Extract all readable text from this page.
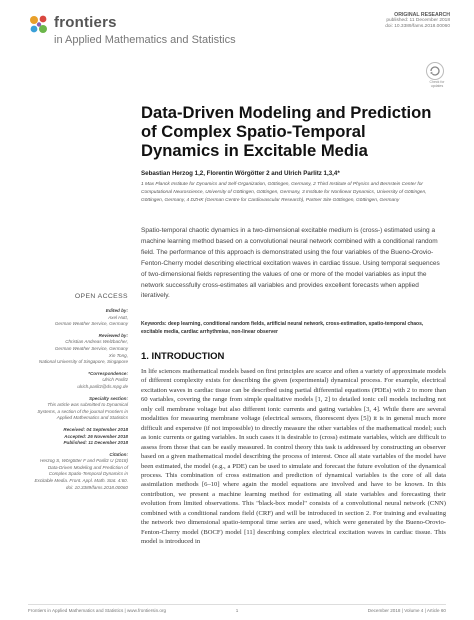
frontiers
in Applied Mathematics and Statistics
ORIGINAL RESEARCH
published: 11 December 2018
doi: 10.3389/fams.2018.00060
Check for updates
Data-Driven Modeling and Prediction of Complex Spatio-Temporal Dynamics in Excitable Media
Sebastian Herzog 1,2, Florentin Wörgötter 2 and Ulrich Parlitz 1,3,4*
1 Max Planck Institute for Dynamics and Self-Organization, Göttingen, Germany, 2 Third Institute of Physics and Bernstein Center for Computational Neuroscience, University of Göttingen, Göttingen, Germany, 3 Institute for Nonlinear Dynamics, University of Göttingen, Göttingen, Germany, 4 DZHK (German Centre for Cardiovascular Research), Partner Site Göttingen, Göttingen, Germany
Spatio-temporal chaotic dynamics in a two-dimensional excitable medium is (cross-) estimated using a machine learning method based on a convolutional neural network combined with a conditional random field. The performance of this approach is demonstrated using the four variables of the Bueno-Orovio-Fenton-Cherry model describing electrical excitation waves in cardiac tissue. Using temporal sequences of two-dimensional fields representing the values of one or more of the model variables as input the network successfully cross-estimates all variables and provides excellent forecasts when applied iteratively.
Keywords: deep learning, conditional random fields, artificial neural network, cross-estimation, spatio-temporal chaos, excitable media, cardiac arrhythmias, non-linear observer
1. INTRODUCTION
In life sciences mathematical models based on first principles are scarce and often a variety of approximate models of different complexity exists for describing the given (experimental) dynamical process. For example, electrical excitation waves in cardiac tissue can be described using partial differential equations (PDEs) with 2 to more than 60 variables, covering the range from simple qualitative models [1, 2] to detailed ionic cell models including not only cell membrane voltage but also different ionic currents and gating variables [3, 4]. While there are several modalities for measuring membrane voltage (electrical sensors, fluorescent dyes [5]) it is in general much more difficult and expensive (if not impossible) to directly measure the other variables of the mathematical model; such as ionic currents or gating variables. In such cases it is desirable to (cross) estimate variables, which are difficult to assess from those that can be easily measured. In control theory this task is addressed by constructing an observer based on a given mathematical model describing the process of interest. Once all state variables of the model have been estimated, the model (e.g., a PDE) can be used to simulate and forecast the future evolution of the dynamical process. This combination of cross estimation and prediction of dynamical variables is the core of all data assimilation methods [6–10] where again the model equations are involved and have to be known. In this contribution, we present a machine learning method for estimating all state variables and forecasting their evolution from limited observations. This "black-box model" consists of a convolutional neural network (CNN) combined with a conditional random field (CRF) and will be introduced in section 2. For training and evaluating the network two dimensional spatio-temporal time series are used, which were generated by the Bueno-Orovio-Fenton-Cherry model (BOCF) model [11] describing complex electrical excitation waves in cardiac tissue. This model is introduced in
OPEN ACCESS
Edited by:
Axel Hutt,
German Weather Service, Germany
Reviewed by:
Christian Andreas Welzbacher,
German Weather Service, Germany
Xin Tong,
National University of Singapore, Singapore
*Correspondence:
Ulrich Parlitz
ulrich.parlitz@ds.mpg.de
Specialty section:
This article was submitted to Dynamical Systems, a section of the journal Frontiers in Applied Mathematics and Statistics
Received: 04 September 2018
Accepted: 26 November 2018
Published: 11 December 2018
Citation:
Herzog S, Wörgötter F and Parlitz U (2018) Data-Driven Modeling and Prediction of Complex Spatio-Temporal Dynamics in Excitable Media. Front. Appl. Math. Stat. 4:60. doi: 10.3389/fams.2018.00060
Frontiers in Applied Mathematics and Statistics | www.frontiersin.org	1	December 2018 | Volume 4 | Article 60
